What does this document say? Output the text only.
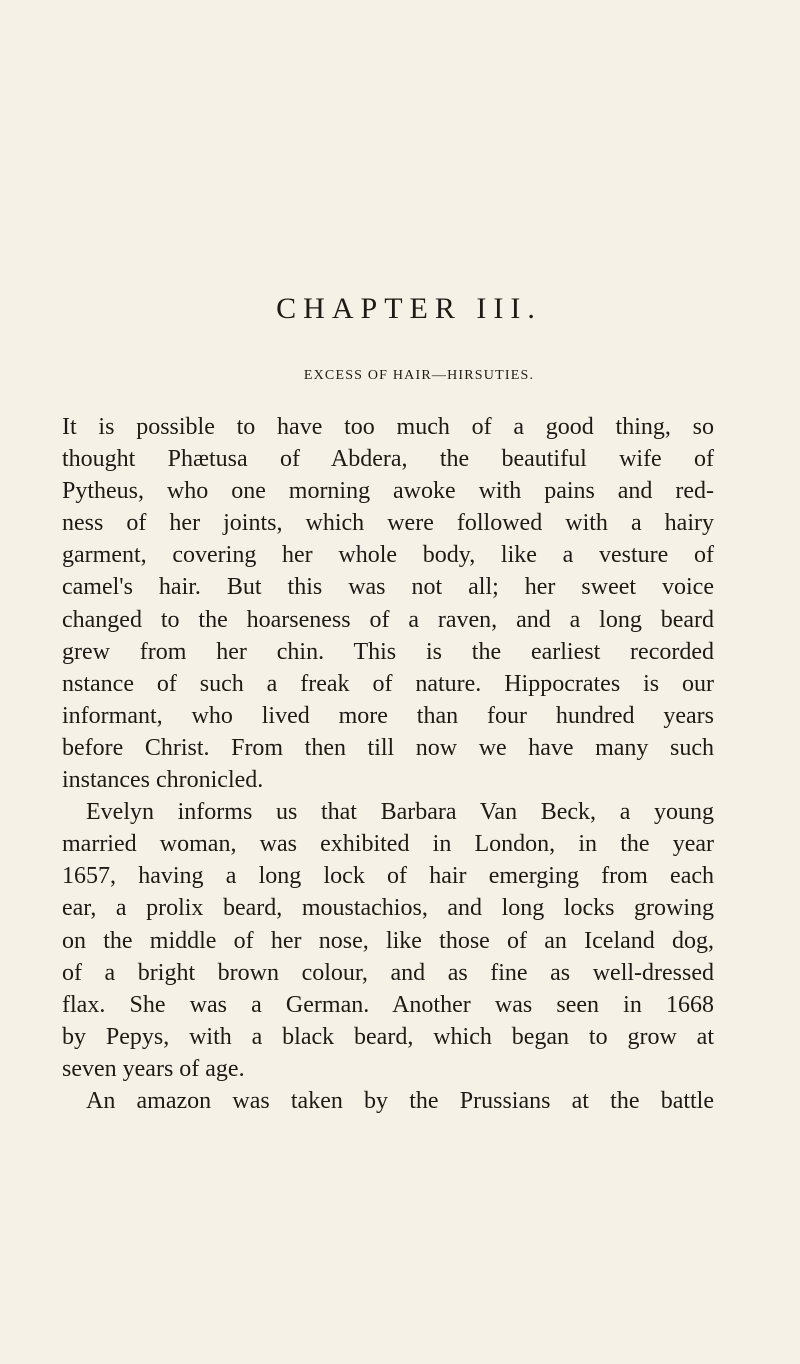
CHAPTER III.
EXCESS OF HAIR—HIRSUTIES.
It is possible to have too much of a good thing, so
thought Phætusa of Abdera, the beautiful wife of
Pytheus, who one morning awoke with pains and red-
ness of her joints, which were followed with a hairy
garment, covering her whole body, like a vesture of
camel's hair. But this was not all; her sweet voice
changed to the hoarseness of a raven, and a long beard
grew from her chin. This is the earliest recorded
nstance of such a freak of nature. Hippocrates is our
informant, who lived more than four hundred years
before Christ. From then till now we have many such
instances chronicled.
Evelyn informs us that Barbara Van Beck, a young
married woman, was exhibited in London, in the year
1657, having a long lock of hair emerging from each
ear, a prolix beard, moustachios, and long locks growing
on the middle of her nose, like those of an Iceland dog,
of a bright brown colour, and as fine as well-dressed
flax. She was a German. Another was seen in 1668
by Pepys, with a black beard, which began to grow at
seven years of age.
An amazon was taken by the Prussians at the battle
